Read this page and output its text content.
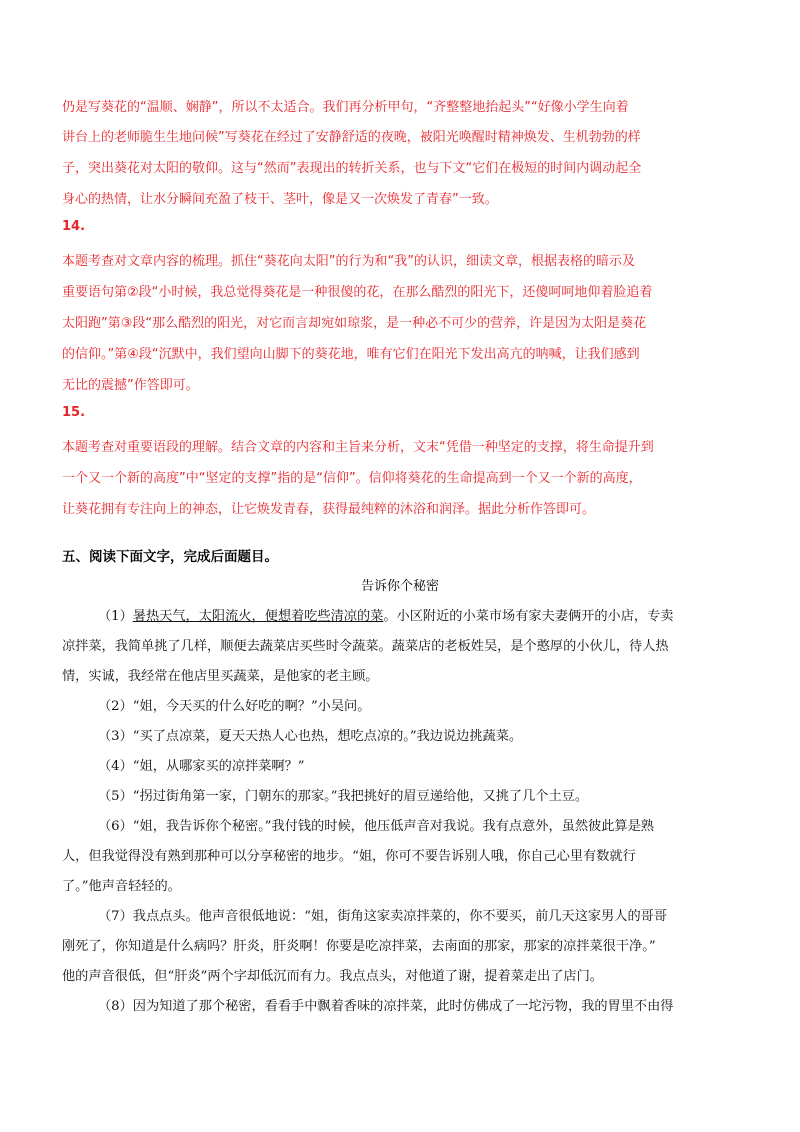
仍是写葵花的“温顺、娴静”，所以不太适合。我们再分析甲句，“齐整整地抬起头”“好像小学生向着
讲台上的老师脆生生地问候”写葵花在经过了安静舒适的夜晚，被阳光唤醒时精神焕发、生机勃勃的样
子，突出葵花对太阳的敬仰。这与“然而”表现出的转折关系，也与下文“它们在极短的时间内调动起全
身心的热情，让水分瞬间充盈了枝干、茎叶，像是又一次焕发了青春”一致。
14.
本题考查对文章内容的梳理。抓住“葵花向太阳”的行为和“我”的认识，细读文章，根据表格的暗示及
重要语句第②段“小时候，我总觉得葵花是一种很傻的花，在那么酷烈的阳光下，还傻呵呵地仰着脸追着
太阳跑”第③段“那么酷烈的阳光，对它而言却宛如琼浆，是一种必不可少的营养，许是因为太阳是葵花
的信仰。”第④段“沉默中，我们望向山脚下的葵花地，唯有它们在阳光下发出高亢的呐喊，让我们感到
无比的震撼”作答即可。
15.
本题考查对重要语段的理解。结合文章的内容和主旨来分析，文末“凭借一种坚定的支撑，将生命提升到
一个又一个新的高度”中“坚定的支撑”指的是“信仰”。信仰将葵花的生命提高到一个又一个新的高度，
让葵花拥有专注向上的神态，让它焕发青春，获得最纯粹的沐浴和润泽。据此分析作答即可。
五、阅读下面文字，完成后面题目。
告诉你个秘密
（1）暑热天气，太阳流火，便想着吃些清凉的菜。小区附近的小菜市场有家夫妻俩开的小店，专卖
凉拌菜，我简单挑了几样，顺便去蔬菜店买些时令蔬菜。蔬菜店的老板姓吴，是个憨厚的小伙儿，待人热
情，实诚，我经常在他店里买蔬菜，是他家的老主顾。
（2）“姐，今天买的什么好吃的啊？”小吴问。
（3）“买了点凉菜，夏天天热人心也热，想吃点凉的。”我边说边挑蔬菜。
（4）“姐，从哪家买的凉拌菜啊？”
（5）“拐过街角第一家，门朝东的那家。”我把挑好的眉豆递给他，又挑了几个土豆。
（6）“姐，我告诉你个秘密。”我付钱的时候，他压低声音对我说。我有点意外，虽然彼此算是熟
人，但我觉得没有熟到那种可以分享秘密的地步。“姐，你可不要告诉别人哦，你自己心里有数就行
了。”他声音轻轻的。
（7）我点点头。他声音很低地说：“姐，街角这家卖凉拌菜的，你不要买，前几天这家男人的哥哥
刚死了，你知道是什么病吗？肝炎，肝炎啊！你要是吃凉拌菜，去南面的那家，那家的凉拌菜很干净。”
他的声音很低，但“肝炎”两个字却低沉而有力。我点点头，对他道了谢，提着菜走出了店门。
（8）因为知道了那个秘密，看看手中飘着香味的凉拌菜，此时仿佛成了一坨污物，我的胃里不由得
